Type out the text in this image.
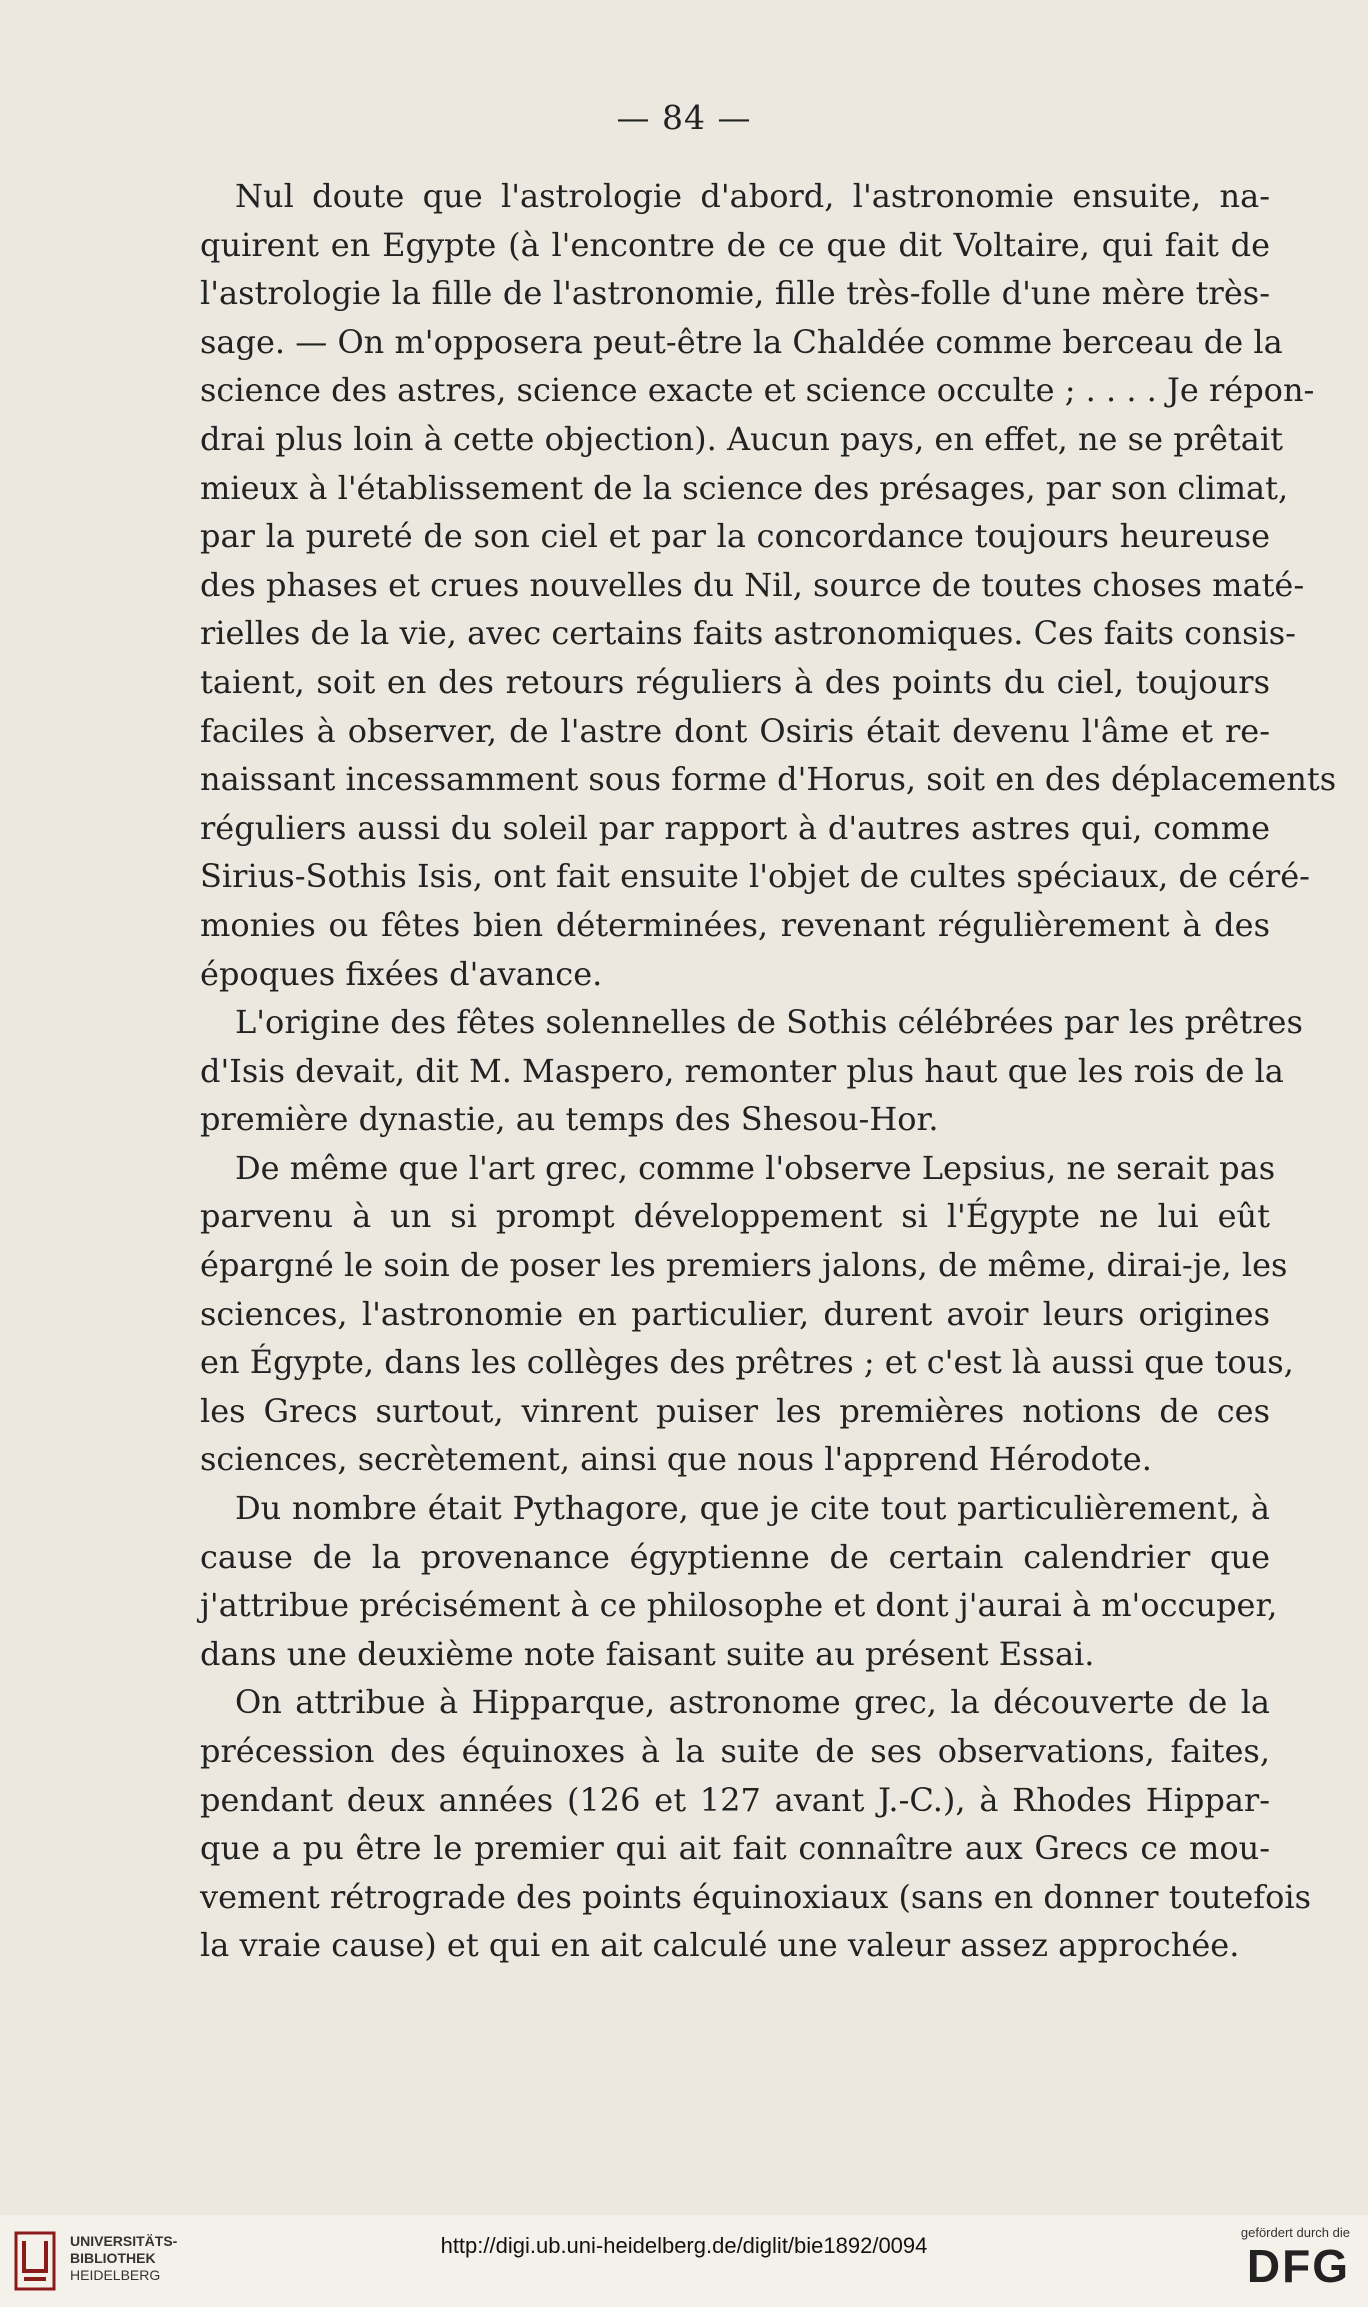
— 84 —
Nul doute que l'astrologie d'abord, l'astronomie ensuite, na-
quirent en Egypte (à l'encontre de ce que dit Voltaire, qui fait de
l'astrologie la fille de l'astronomie, fille très-folle d'une mère très-
sage. — On m'opposera peut-être la Chaldée comme berceau de la
science des astres, science exacte et science occulte ; . . . . Je répon-
drai plus loin à cette objection). Aucun pays, en effet, ne se prêtait
mieux à l'établissement de la science des présages, par son climat,
par la pureté de son ciel et par la concordance toujours heureuse
des phases et crues nouvelles du Nil, source de toutes choses maté-
rielles de la vie, avec certains faits astronomiques. Ces faits consis-
taient, soit en des retours réguliers à des points du ciel, toujours
faciles à observer, de l'astre dont Osiris était devenu l'âme et re-
naissant incessamment sous forme d'Horus, soit en des déplacements
réguliers aussi du soleil par rapport à d'autres astres qui, comme
Sirius-Sothis Isis, ont fait ensuite l'objet de cultes spéciaux, de céré-
monies ou fêtes bien déterminées, revenant régulièrement à des
époques fixées d'avance.
L'origine des fêtes solennelles de Sothis célébrées par les prêtres
d'Isis devait, dit M. Maspero, remonter plus haut que les rois de la
première dynastie, au temps des Shesou-Hor.
De même que l'art grec, comme l'observe Lepsius, ne serait pas
parvenu à un si prompt développement si l'Égypte ne lui eût
épargné le soin de poser les premiers jalons, de même, dirai-je, les
sciences, l'astronomie en particulier, durent avoir leurs origines
en Égypte, dans les collèges des prêtres ; et c'est là aussi que tous,
les Grecs surtout, vinrent puiser les premières notions de ces
sciences, secrètement, ainsi que nous l'apprend Hérodote.
Du nombre était Pythagore, que je cite tout particulièrement, à
cause de la provenance égyptienne de certain calendrier que
j'attribue précisément à ce philosophe et dont j'aurai à m'occuper,
dans une deuxième note faisant suite au présent Essai.
On attribue à Hipparque, astronome grec, la découverte de la
précession des équinoxes à la suite de ses observations, faites,
pendant deux années (126 et 127 avant J.-C.), à Rhodes Hippar-
que a pu être le premier qui ait fait connaître aux Grecs ce mou-
vement rétrograde des points équinoxiaux (sans en donner toutefois
la vraie cause) et qui en ait calculé une valeur assez approchée.
UNIVERSITÄTS-
BIBLIOTHEK
HEIDELBERG
http://digi.ub.uni-heidelberg.de/diglit/bie1892/0094
gefördert durch die
DFG
